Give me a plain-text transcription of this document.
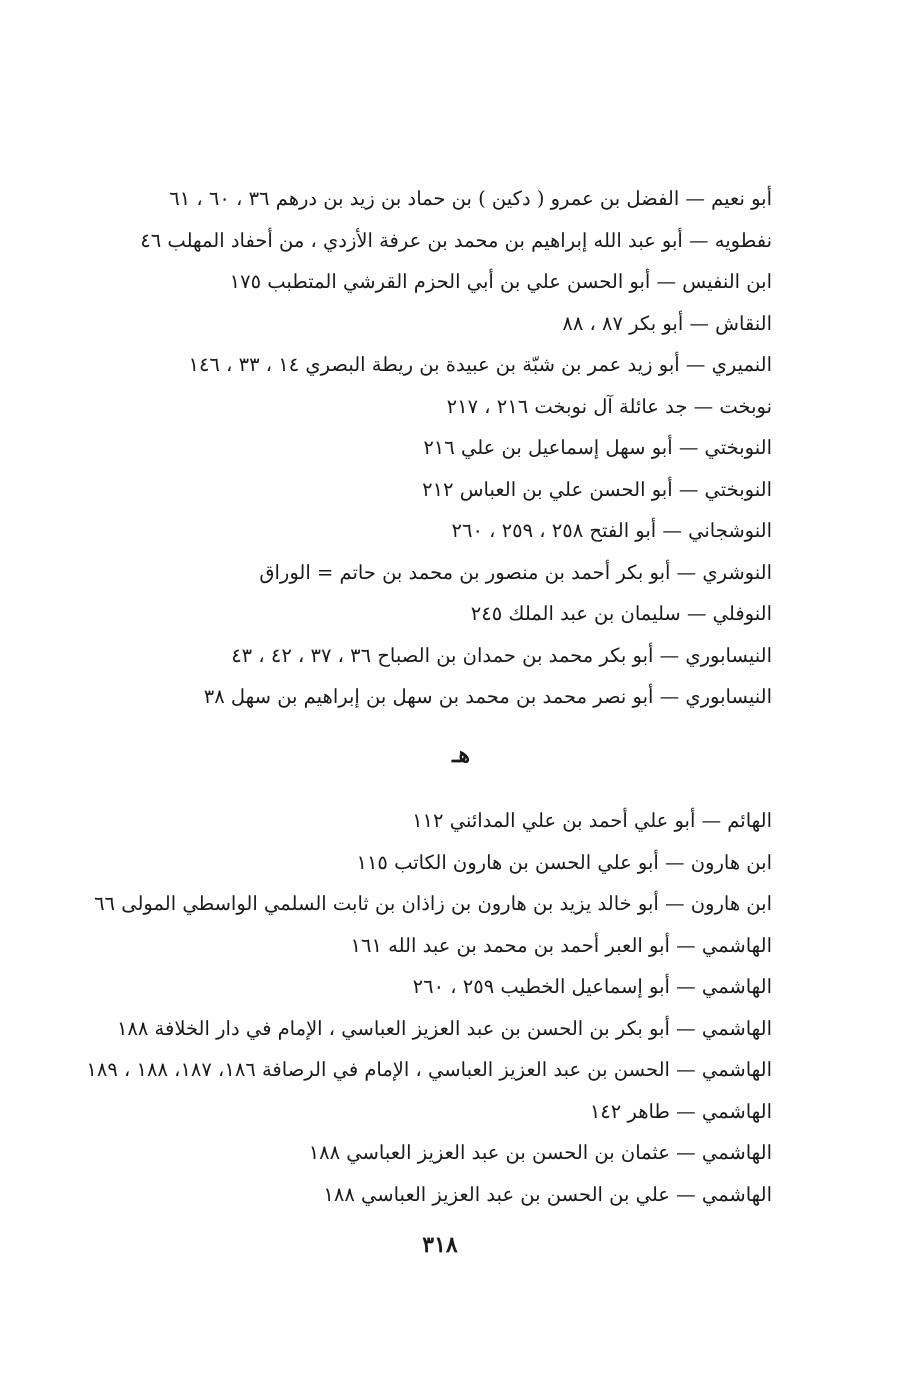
أبو نعيم — الفضل بن عمرو ( دكين ) بن حماد بن زيد بن درهم ٣٦ ، ٦٠ ، ٦١
نفطويه — أبو عبد الله إبراهيم بن محمد بن عرفة الأزدي ، من أحفاد المهلب ٤٦
ابن النفيس — أبو الحسن علي بن أبي الحزم القرشي المتطبب ١٧٥
النقاش — أبو بكر ٨٧ ، ٨٨
النميري — أبو زيد عمر بن شبّة بن عبيدة بن ريطة البصري ١٤ ، ٣٣ ، ١٤٦
نوبخت — جد عائلة آل نوبخت ٢١٦ ، ٢١٧
النوبختي — أبو سهل إسماعيل بن علي ٢١٦
النوبختي — أبو الحسن علي بن العباس ٢١٢
النوشجاني — أبو الفتح ٢٥٨ ، ٢٥٩ ، ٢٦٠
النوشري — أبو بكر أحمد بن منصور بن محمد بن حاتم = الوراق
النوفلي — سليمان بن عبد الملك ٢٤٥
النيسابوري — أبو بكر محمد بن حمدان بن الصباح ٣٦ ، ٣٧ ، ٤٢ ، ٤٣
النيسابوري — أبو نصر محمد بن محمد بن سهل بن إبراهيم بن سهل ٣٨
هـ
الهائم — أبو علي أحمد بن علي المدائني ١١٢
ابن هارون — أبو علي الحسن بن هارون الكاتب ١١٥
ابن هارون — أبو خالد يزيد بن هارون بن زاذان بن ثابت السلمي الواسطي المولى ٦٦
الهاشمي — أبو العبر أحمد بن محمد بن عبد الله ١٦١
الهاشمي — أبو إسماعيل الخطيب ٢٥٩ ، ٢٦٠
الهاشمي — أبو بكر بن الحسن بن عبد العزيز العباسي ، الإمام في دار الخلافة ١٨٨
الهاشمي — الحسن بن عبد العزيز العباسي ، الإمام في الرصافة ١٨٦، ١٨٧، ١٨٨ ، ١٨٩
الهاشمي — طاهر ١٤٢
الهاشمي — عثمان بن الحسن بن عبد العزيز العباسي ١٨٨
الهاشمي — علي بن الحسن بن عبد العزيز العباسي ١٨٨
٣١٨
